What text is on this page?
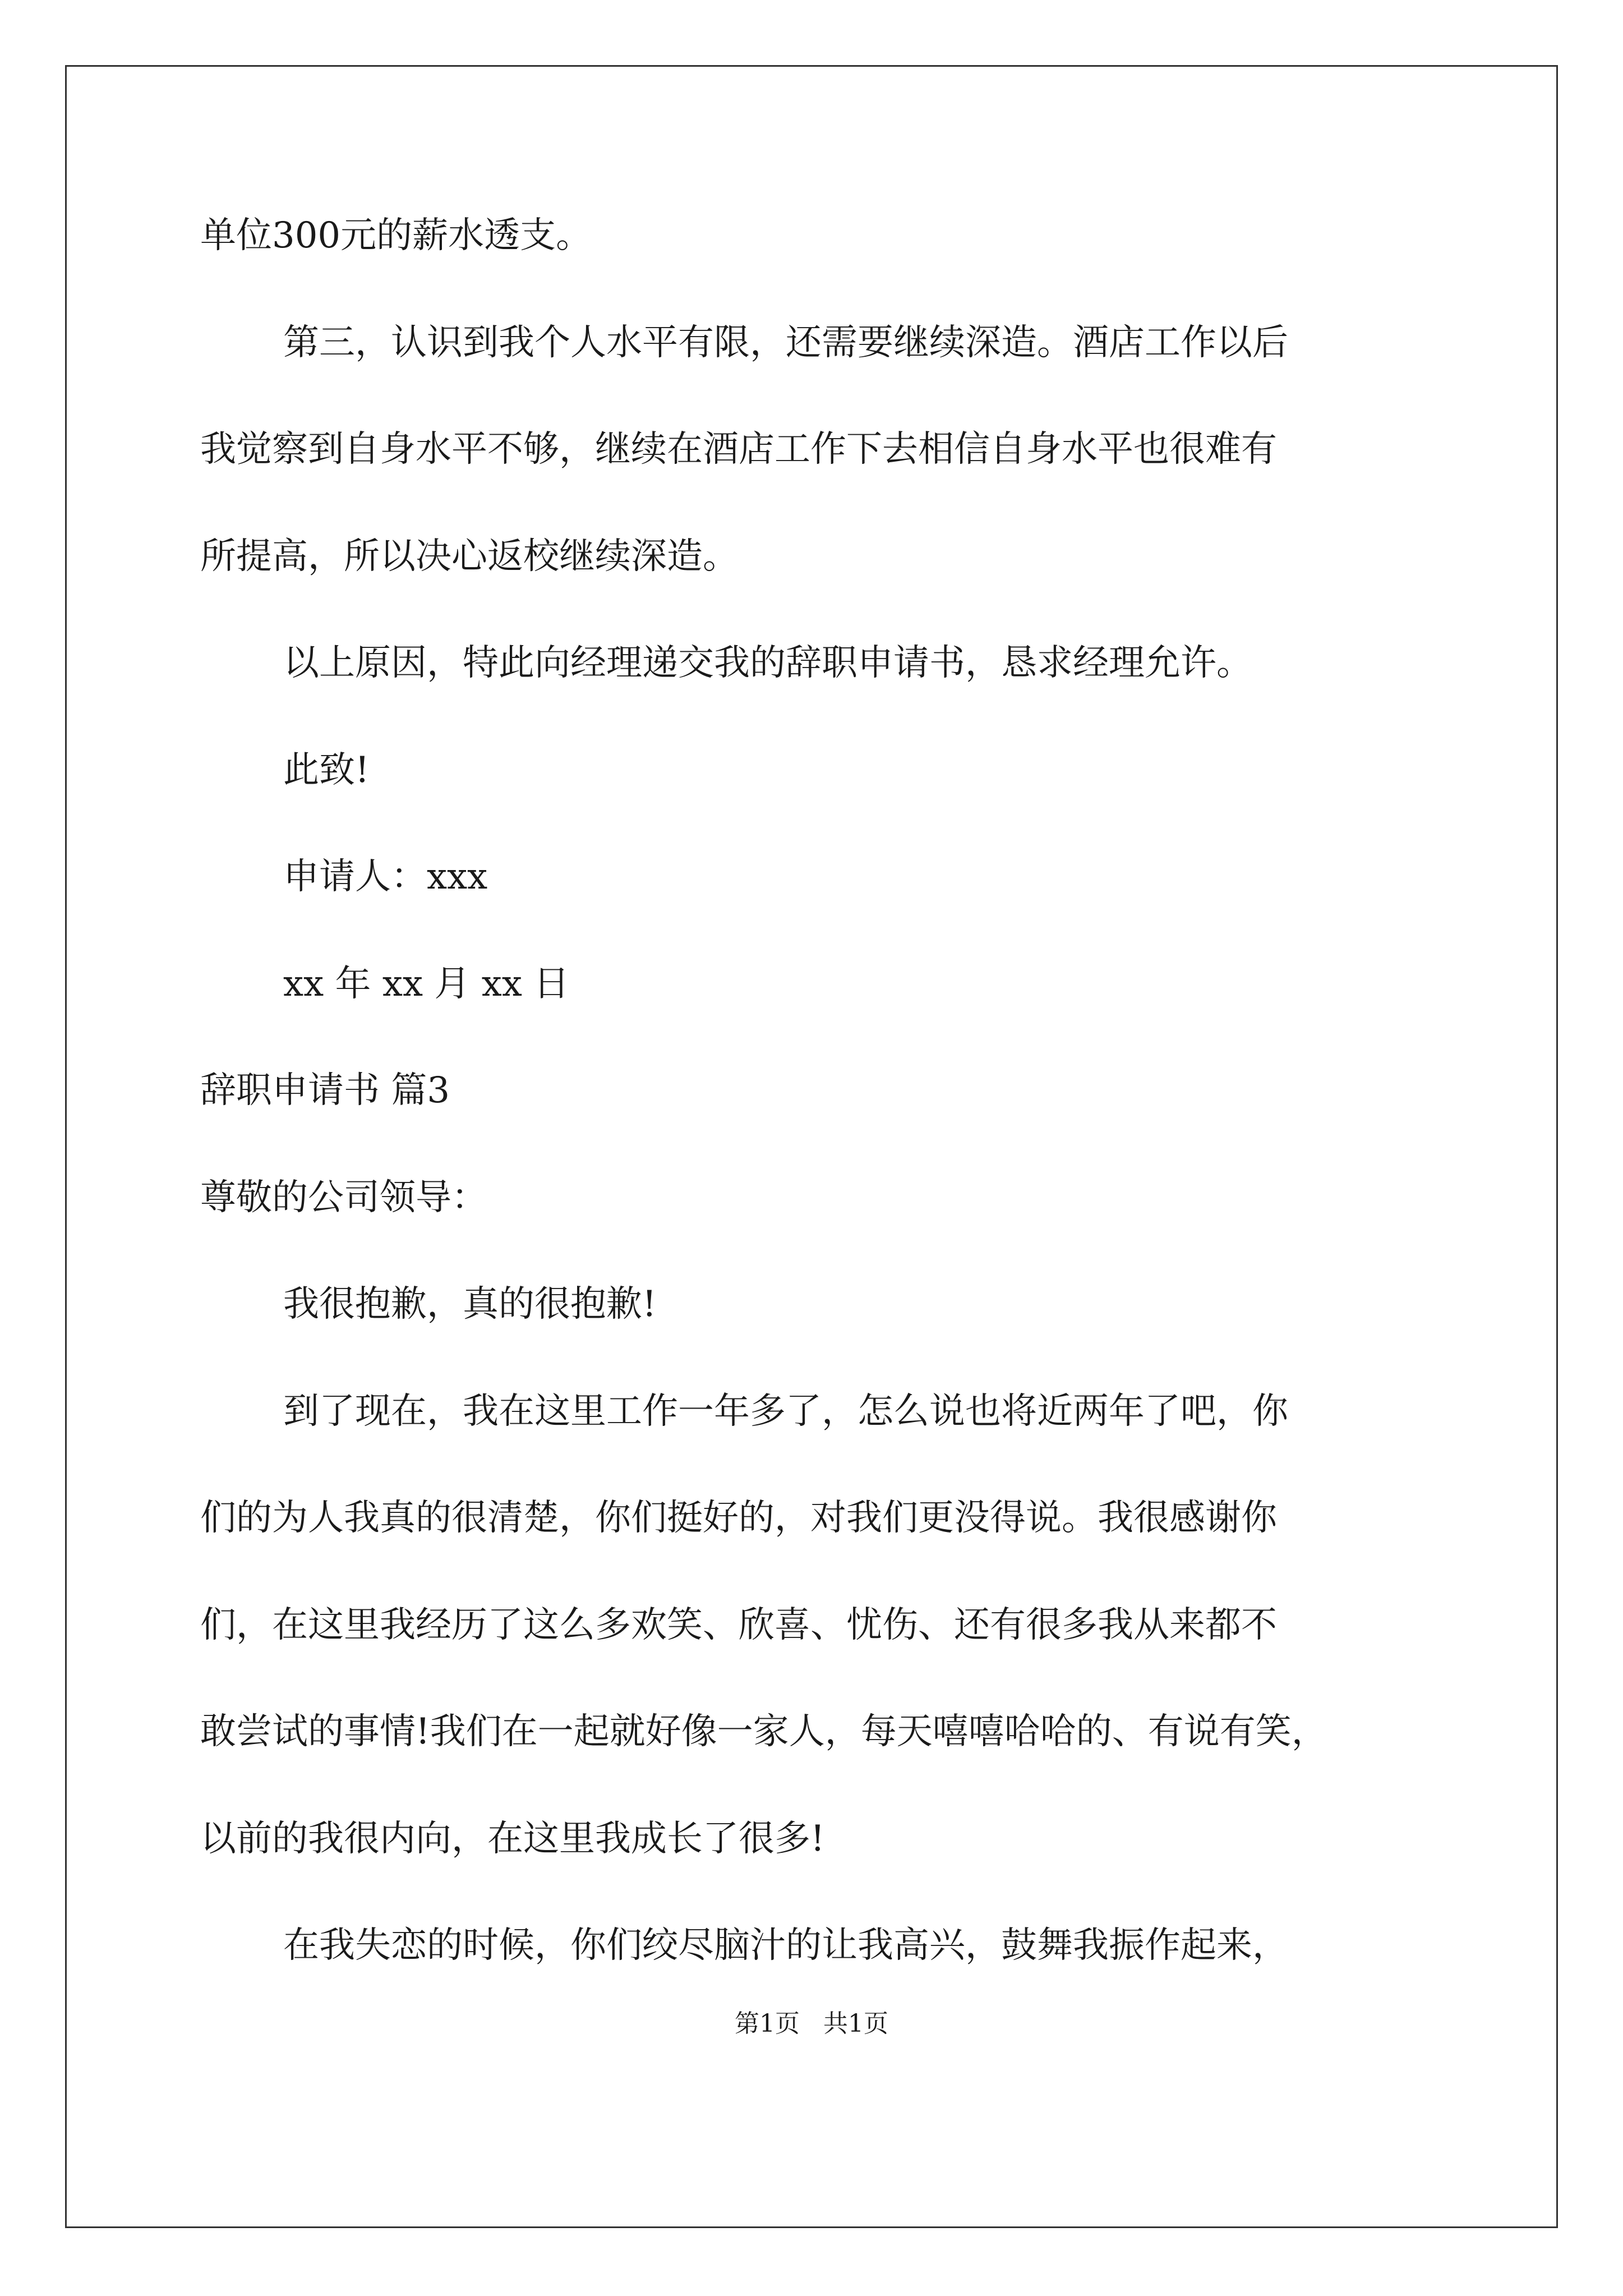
单位300元的薪水透支。
第三，认识到我个人水平有限，还需要继续深造。酒店工作以后
我觉察到自身水平不够，继续在酒店工作下去相信自身水平也很难有
所提高，所以决心返校继续深造。
以上原因，特此向经理递交我的辞职申请书，恳求经理允许。
此致!
申请人：xxx
xx 年 xx 月 xx 日
辞职申请书 篇3
尊敬的公司领导：
我很抱歉，真的很抱歉!
到了现在，我在这里工作一年多了，怎么说也将近两年了吧，你
们的为人我真的很清楚，你们挺好的，对我们更没得说。我很感谢你
们，在这里我经历了这么多欢笑、欣喜、忧伤、还有很多我从来都不
敢尝试的事情!我们在一起就好像一家人，每天嘻嘻哈哈的、有说有笑，
以前的我很内向，在这里我成长了很多!
在我失恋的时候，你们绞尽脑汁的让我高兴，鼓舞我振作起来，
第1页   共1页
